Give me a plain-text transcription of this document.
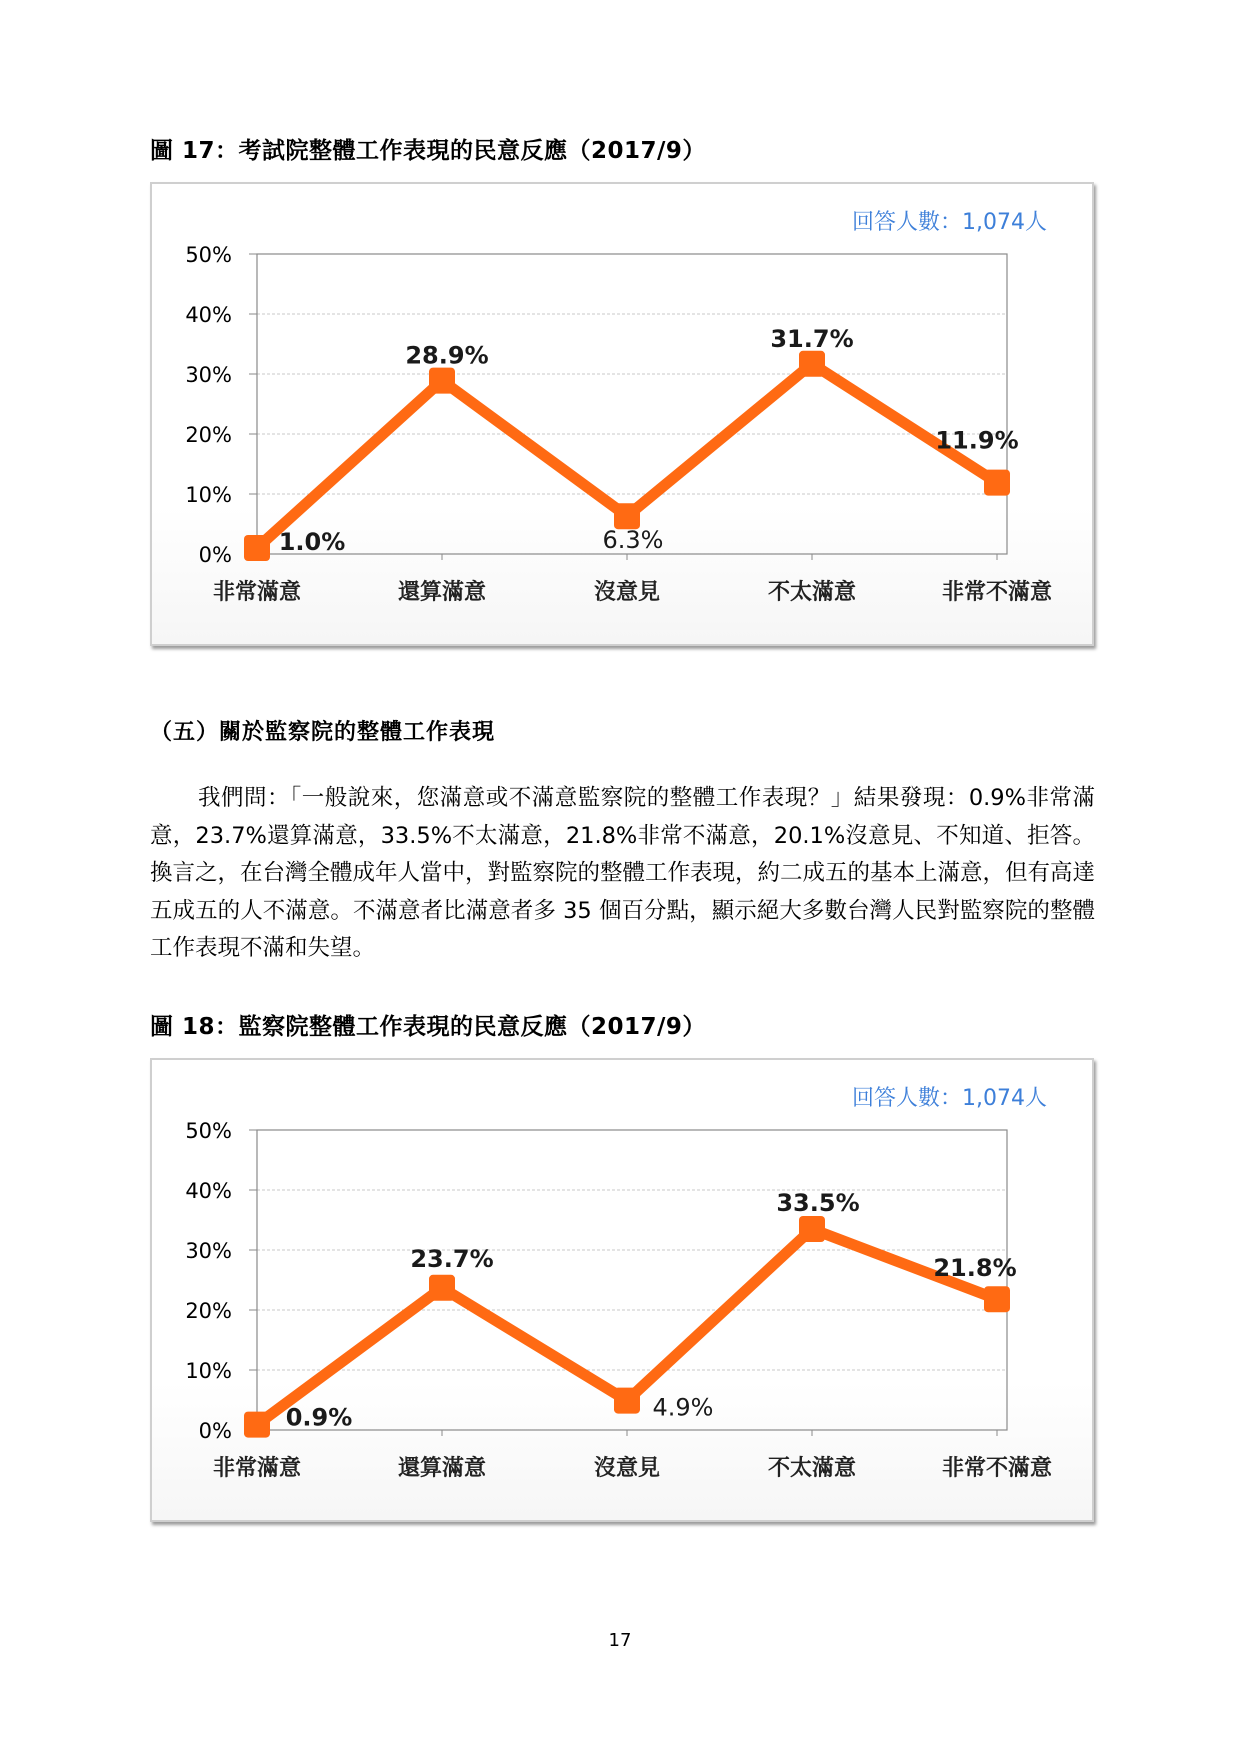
圖 17：考試院整體工作表現的民意反應（2017/9）
回答人數：1,074人
0%
10%
20%
30%
40%
50%
非常滿意	還算滿意	沒意見	不太滿意	非常不滿意
1.0%
28.9%
6.3%
31.7%
11.9%
（五）關於監察院的整體工作表現

我們問：「一般說來，您滿意或不滿意監察院的整體工作表現？」結果發現：0.9%非常滿意，23.7%還算滿意，33.5%不太滿意，21.8%非常不滿意，20.1%沒意見、不知道、拒答。換言之，在台灣全體成年人當中，對監察院的整體工作表現，約二成五的基本上滿意，但有高達五成五的人不滿意。不滿意者比滿意者多 35 個百分點，顯示絕大多數台灣人民對監察院的整體工作表現不滿和失望。

圖 18：監察院整體工作表現的民意反應（2017/9）
回答人數：1,074人
0%
10%
20%
30%
40%
50%
非常滿意	還算滿意	沒意見	不太滿意	非常不滿意
0.9%
23.7%
4.9%
33.5%
21.8%
17
